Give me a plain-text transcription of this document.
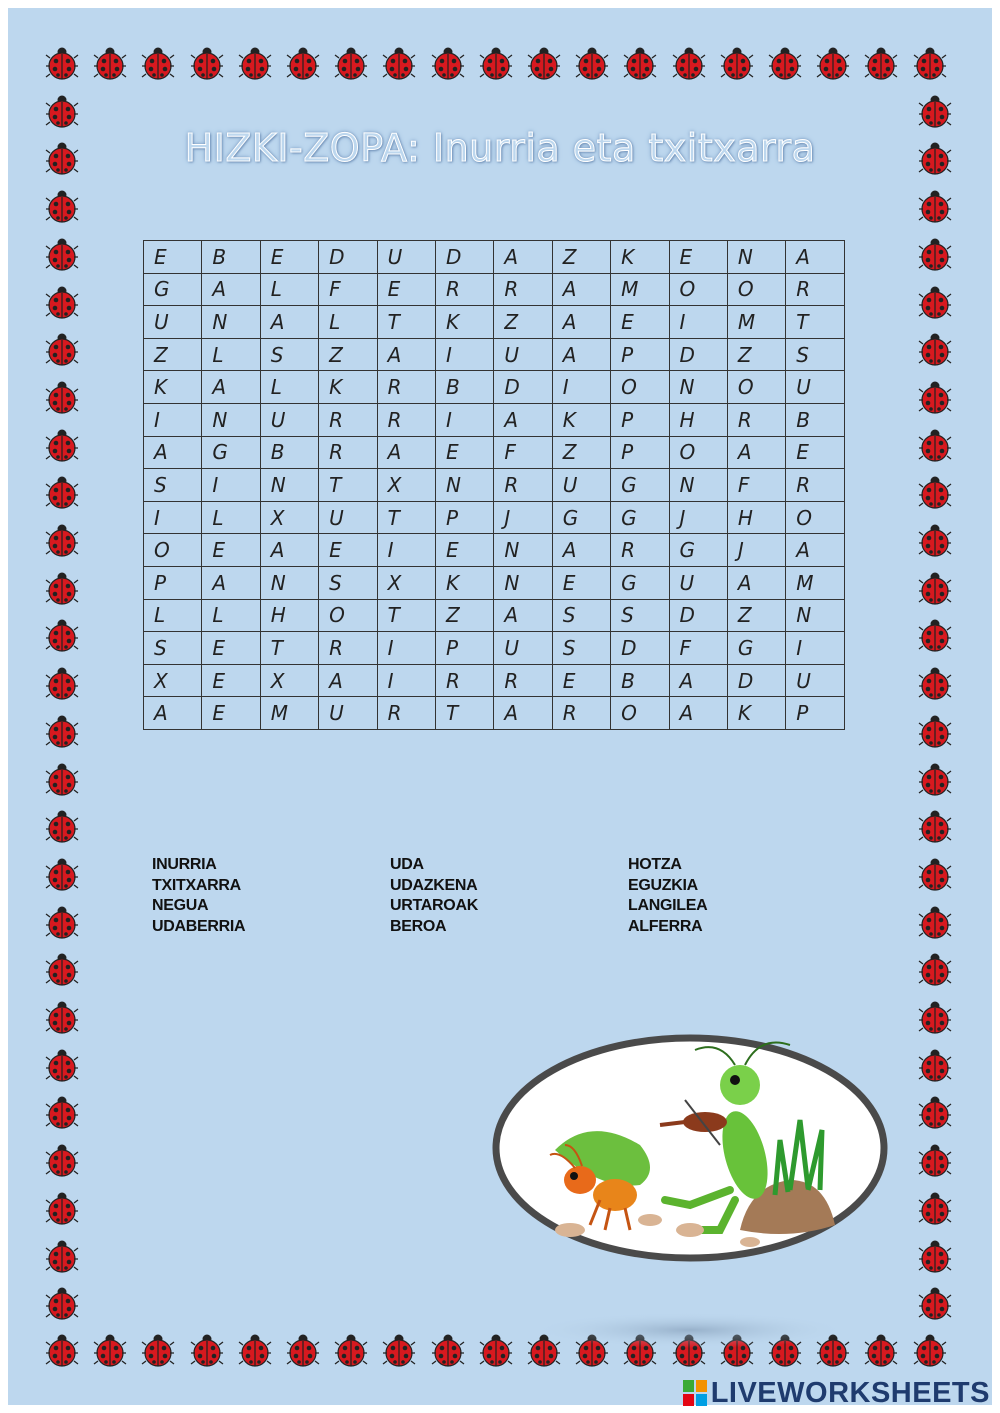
HIZKI-ZOPA: Inurria eta txitxarra
E	B	E	D	U	D	A	Z	K	E	N	A
G	A	L	F	E	R	R	A	M	O	O	R
U	N	A	L	T	K	Z	A	E	I	M	T
Z	L	S	Z	A	I	U	A	P	D	Z	S
K	A	L	K	R	B	D	I	O	N	O	U
I	N	U	R	R	I	A	K	P	H	R	B
A	G	B	R	A	E	F	Z	P	O	A	E
S	I	N	T	X	N	R	U	G	N	F	R
I	L	X	U	T	P	J	G	G	J	H	O
O	E	A	E	I	E	N	A	R	G	J	A
P	A	N	S	X	K	N	E	G	U	A	M
L	L	H	O	T	Z	A	S	S	D	Z	N
S	E	T	R	I	P	U	S	D	F	G	I
X	E	X	A	I	R	R	E	B	A	D	U
A	E	M	U	R	T	A	R	O	A	K	P
INURRIA
TXITXARRA
NEGUA
UDABERRIA
UDA
UDAZKENA
URTAROAK
BEROA
HOTZA
EGUZKIA
LANGILEA
ALFERRA
LIVEWORKSHEETS
